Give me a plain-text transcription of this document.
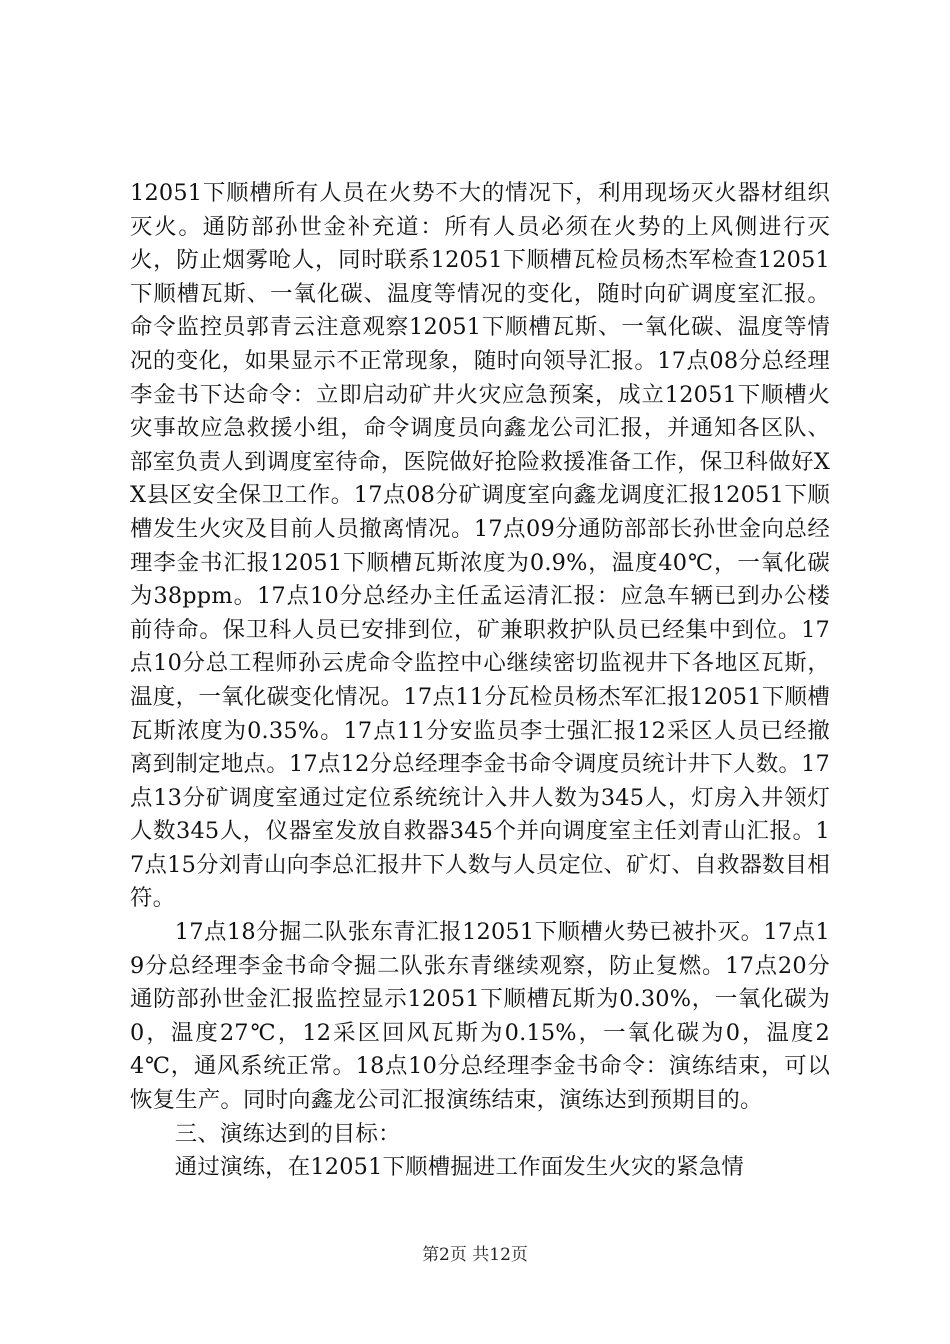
12051下顺槽所有人员在火势不大的情况下，利用现场灭火器材组织灭火。通防部孙世金补充道：所有人员必须在火势的上风侧进行灭火，防止烟雾呛人，同时联系12051下顺槽瓦检员杨杰军检查12051下顺槽瓦斯、一氧化碳、温度等情况的变化，随时向矿调度室汇报。命令监控员郭青云注意观察12051下顺槽瓦斯、一氧化碳、温度等情况的变化，如果显示不正常现象，随时向领导汇报。17点08分总经理李金书下达命令：立即启动矿井火灾应急预案，成立12051下顺槽火灾事故应急救援小组，命令调度员向鑫龙公司汇报，并通知各区队、部室负责人到调度室待命，医院做好抢险救援准备工作，保卫科做好XX县区安全保卫工作。17点08分矿调度室向鑫龙调度汇报12051下顺槽发生火灾及目前人员撤离情况。17点09分通防部部长孙世金向总经理李金书汇报12051下顺槽瓦斯浓度为0.9%，温度40℃，一氧化碳为38ppm。17点10分总经办主任孟运清汇报：应急车辆已到办公楼前待命。保卫科人员已安排到位，矿兼职救护队员已经集中到位。17点10分总工程师孙云虎命令监控中心继续密切监视井下各地区瓦斯，温度，一氧化碳变化情况。17点11分瓦检员杨杰军汇报12051下顺槽瓦斯浓度为0.35%。17点11分安监员李士强汇报12采区人员已经撤离到制定地点。17点12分总经理李金书命令调度员统计井下人数。17点13分矿调度室通过定位系统统计入井人数为345人，灯房入井领灯人数345人，仪器室发放自救器345个并向调度室主任刘青山汇报。17点15分刘青山向李总汇报井下人数与人员定位、矿灯、自救器数目相符。

17点18分掘二队张东青汇报12051下顺槽火势已被扑灭。17点19分总经理李金书命令掘二队张东青继续观察，防止复燃。17点20分通防部孙世金汇报监控显示12051下顺槽瓦斯为0.30%，一氧化碳为0，温度27℃，12采区回风瓦斯为0.15%，一氧化碳为0，温度24℃，通风系统正常。18点10分总经理李金书命令：演练结束，可以恢复生产。同时向鑫龙公司汇报演练结束，演练达到预期目的。

三、演练达到的目标：

通过演练，在12051下顺槽掘进工作面发生火灾的紧急情

第2页 共12页
